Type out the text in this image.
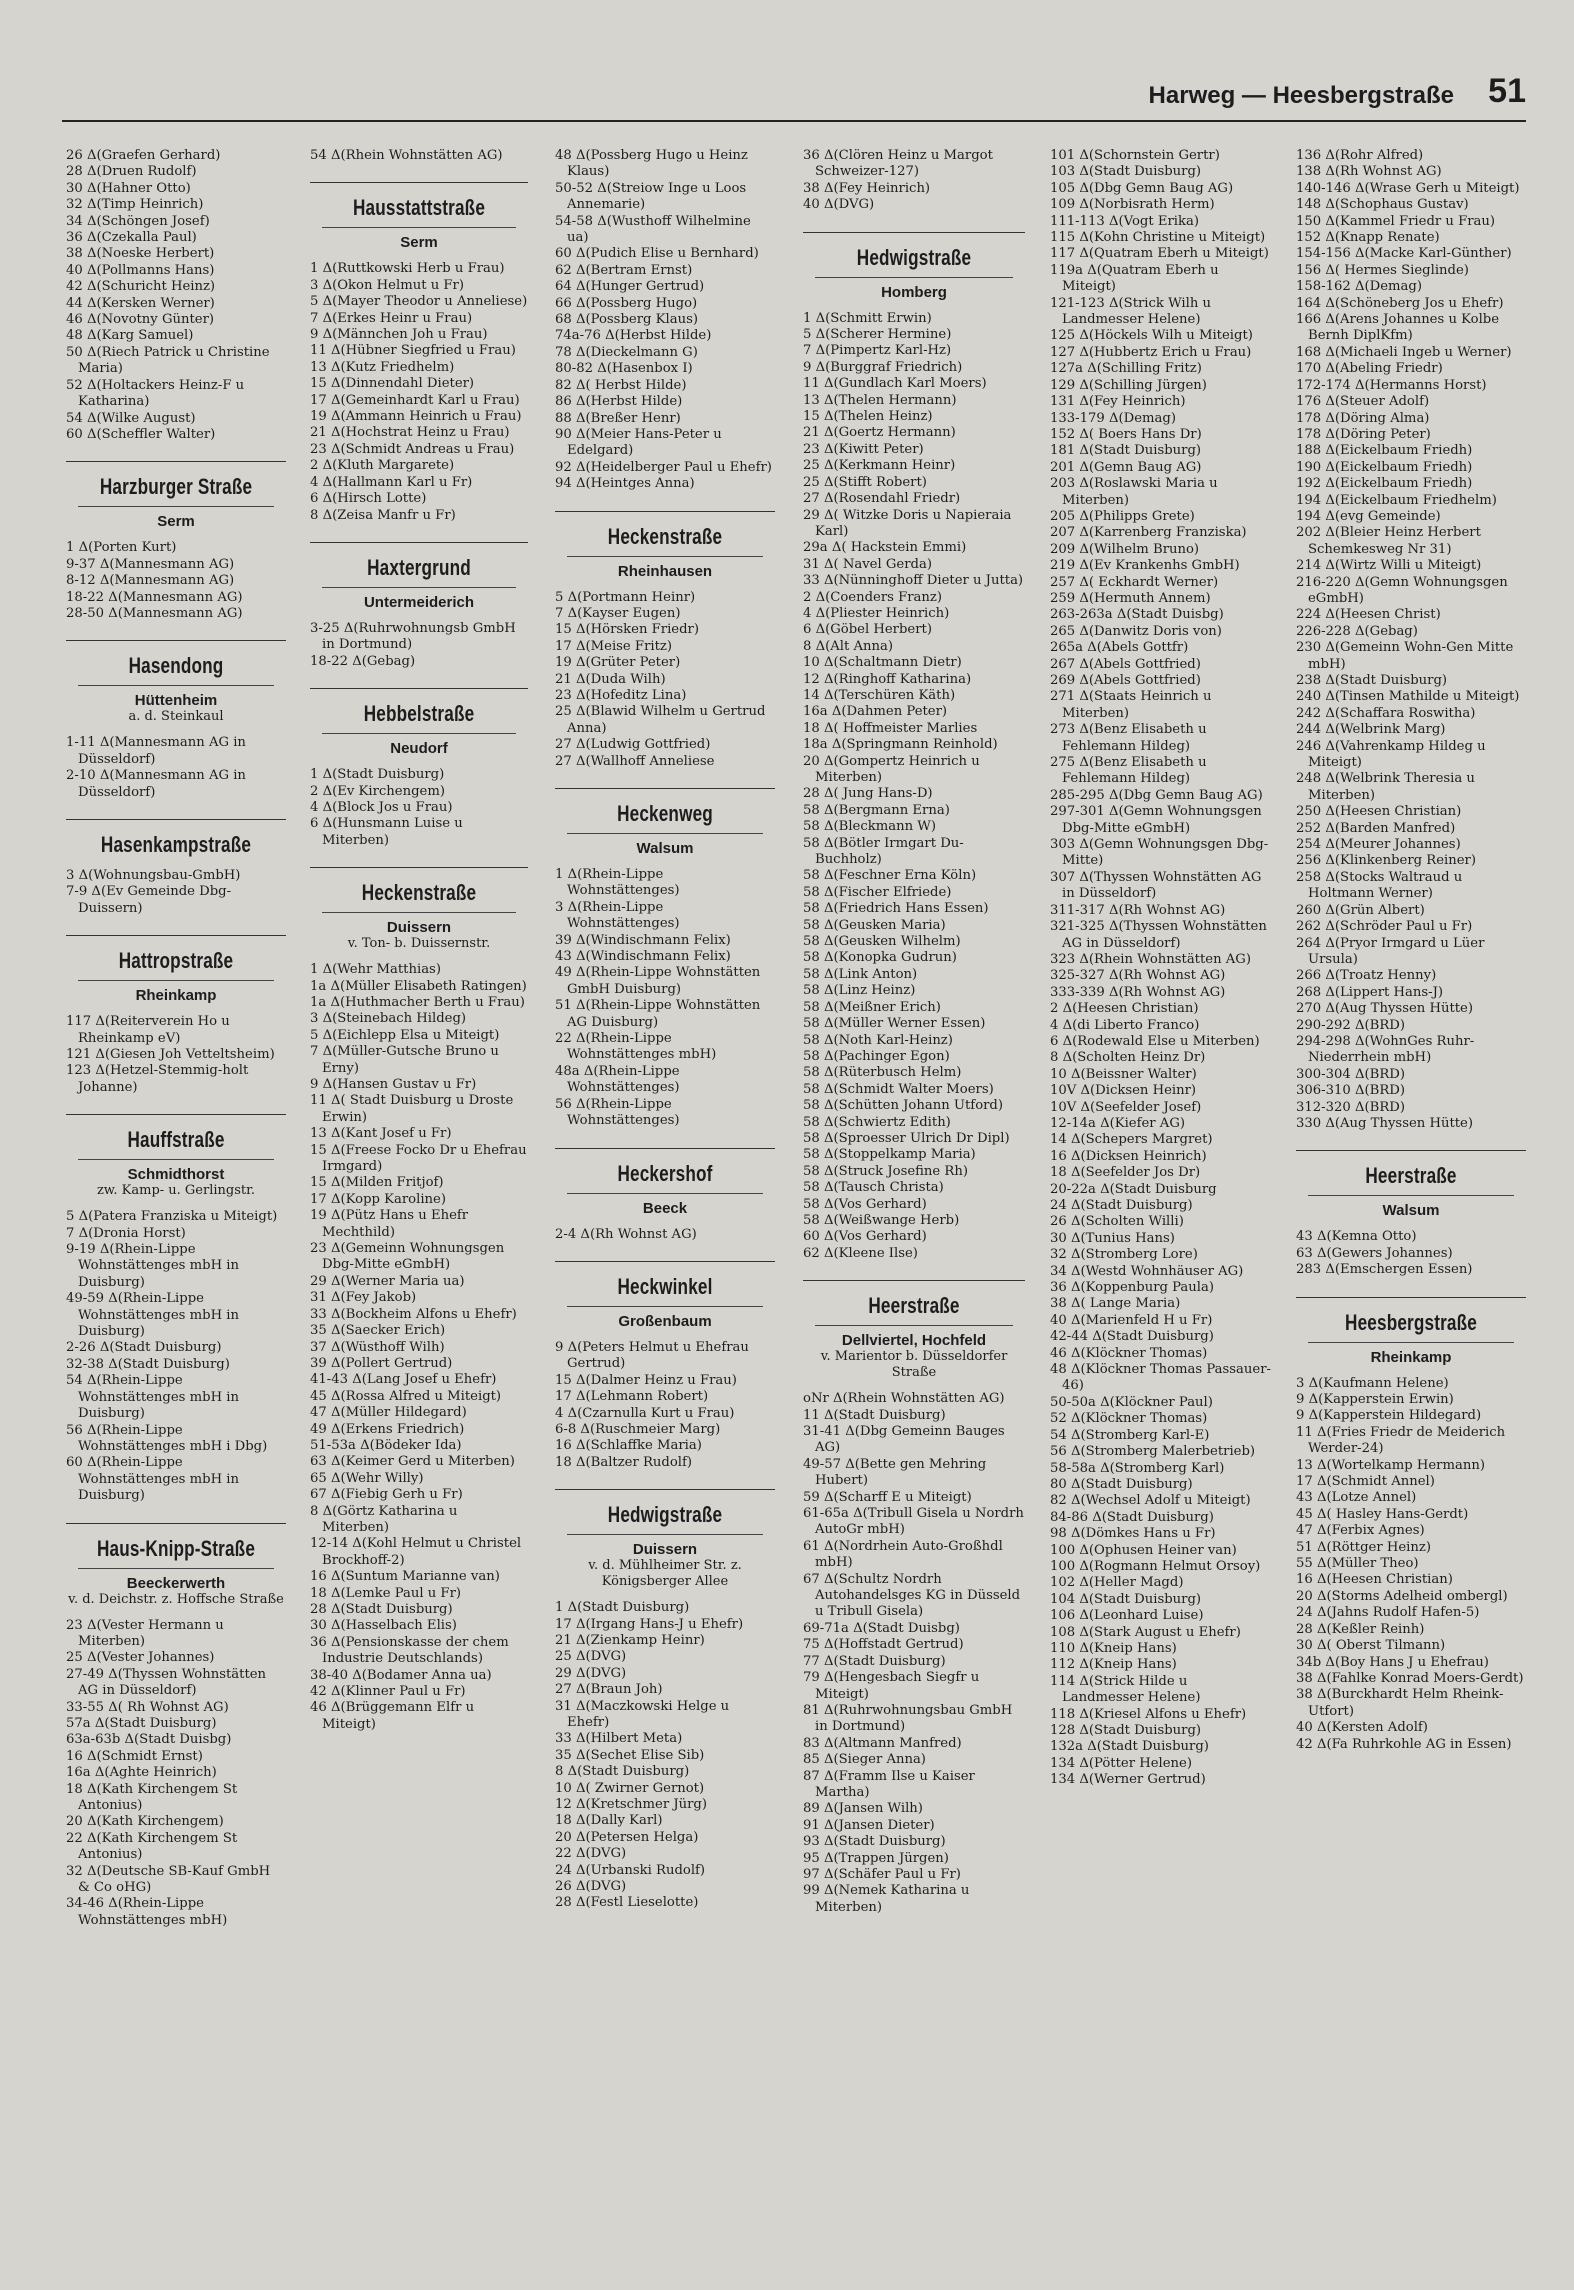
Harweg — Heesbergstraße 51

26 Δ(Graefen Gerhard)

28 Δ(Druen Rudolf)

30 Δ(Hahner Otto)

32 Δ(Timp Heinrich)

34 Δ(Schöngen Josef)

36 Δ(Czekalla Paul)

38 Δ(Noeske Herbert)

40 Δ(Pollmanns Hans)

42 Δ(Schuricht Heinz)

44 Δ(Kersken Werner)

46 Δ(Novotny Günter)

48 Δ(Karg Samuel)

50 Δ(Riech Patrick u Christine Maria)

52 Δ(Holtackers Heinz-F u Katharina)

54 Δ(Wilke August)

60 Δ(Scheffler Walter)

Harzburger Straße
Serm

1 Δ(Porten Kurt)

9-37 Δ(Mannesmann AG)

8-12 Δ(Mannesmann AG)

18-22 Δ(Mannesmann AG)

28-50 Δ(Mannesmann AG)

Hasendong
Hüttenheim
a. d. Steinkaul

1-11 Δ(Mannesmann AG in Düsseldorf)

2-10 Δ(Mannesmann AG in Düsseldorf)

Hasenkampstraße

3 Δ(Wohnungsbau-GmbH)

7-9 Δ(Ev Gemeinde Dbg-Duissern)

Hattropstraße
Rheinkamp

117 Δ(Reiterverein Ho u Rheinkamp eV)

121 Δ(Giesen Joh Vetteltsheim)

123 Δ(Hetzel-Stemmig-holt Johanne)

Hauffstraße
Schmidthorst
zw. Kamp- u. Gerlingstr.

5 Δ(Patera Franziska u Miteigt)

7 Δ(Dronia Horst)

9-19 Δ(Rhein-Lippe Wohnstättenges mbH in Duisburg)

49-59 Δ(Rhein-Lippe Wohnstättenges mbH in Duisburg)

2-26 Δ(Stadt Duisburg)

32-38 Δ(Stadt Duisburg)

54 Δ(Rhein-Lippe Wohnstättenges mbH in Duisburg)

56 Δ(Rhein-Lippe Wohnstättenges mbH i Dbg)

60 Δ(Rhein-Lippe Wohnstättenges mbH in Duisburg)

Haus-Knipp-Straße
Beeckerwerth
v. d. Deichstr. z. Hoffsche Straße

23 Δ(Vester Hermann u Miterben)

25 Δ(Vester Johannes)

27-49 Δ(Thyssen Wohnstätten AG in Düsseldorf)

33-55 Δ( Rh Wohnst AG)

57a Δ(Stadt Duisburg)

63a-63b Δ(Stadt Duisbg)

16 Δ(Schmidt Ernst)

16a Δ(Aghte Heinrich)

18 Δ(Kath Kirchengem St Antonius)

20 Δ(Kath Kirchengem)

22 Δ(Kath Kirchengem St Antonius)

32 Δ(Deutsche SB-Kauf GmbH & Co oHG)

34-46 Δ(Rhein-Lippe Wohnstättenges mbH)

54 Δ(Rhein Wohnstätten AG)

Hausstattstraße
Serm

1 Δ(Ruttkowski Herb u Frau)

3 Δ(Okon Helmut u Fr)

5 Δ(Mayer Theodor u Anneliese)

7 Δ(Erkes Heinr u Frau)

9 Δ(Männchen Joh u Frau)

11 Δ(Hübner Siegfried u Frau)

13 Δ(Kutz Friedhelm)

15 Δ(Dinnendahl Dieter)

17 Δ(Gemeinhardt Karl u Frau)

19 Δ(Ammann Heinrich u Frau)

21 Δ(Hochstrat Heinz u Frau)

23 Δ(Schmidt Andreas u Frau)

2 Δ(Kluth Margarete)

4 Δ(Hallmann Karl u Fr)

6 Δ(Hirsch Lotte)

8 Δ(Zeisa Manfr u Fr)

Haxtergrund
Untermeiderich

3-25 Δ(Ruhrwohnungsb GmbH in Dortmund)

18-22 Δ(Gebag)

Hebbelstraße
Neudorf

1 Δ(Stadt Duisburg)

2 Δ(Ev Kirchengem)

4 Δ(Block Jos u Frau)

6 Δ(Hunsmann Luise u Miterben)

Heckenstraße
Duissern
v. Ton- b. Duissernstr.

1 Δ(Wehr Matthias)

1a Δ(Müller Elisabeth Ratingen)

1a Δ(Huthmacher Berth u Frau)

3 Δ(Steinebach Hildeg)

5 Δ(Eichlepp Elsa u Miteigt)

7 Δ(Müller-Gutsche Bruno u Erny)

9 Δ(Hansen Gustav u Fr)

11 Δ( Stadt Duisburg u Droste Erwin)

13 Δ(Kant Josef u Fr)

15 Δ(Freese Focko Dr u Ehefrau Irmgard)

15 Δ(Milden Fritjof)

17 Δ(Kopp Karoline)

19 Δ(Pütz Hans u Ehefr Mechthild)

23 Δ(Gemeinn Wohnungsgen Dbg-Mitte eGmbH)

29 Δ(Werner Maria ua)

31 Δ(Fey Jakob)

33 Δ(Bockheim Alfons u Ehefr)

35 Δ(Saecker Erich)

37 Δ(Wüsthoff Wilh)

39 Δ(Pollert Gertrud)

41-43 Δ(Lang Josef u Ehefr)

45 Δ(Rossa Alfred u Miteigt)

47 Δ(Müller Hildegard)

49 Δ(Erkens Friedrich)

51-53a Δ(Bödeker Ida)

63 Δ(Keimer Gerd u Miterben)

65 Δ(Wehr Willy)

67 Δ(Fiebig Gerh u Fr)

8 Δ(Görtz Katharina u Miterben)

12-14 Δ(Kohl Helmut u Christel Brockhoff-2)

16 Δ(Suntum Marianne van)

18 Δ(Lemke Paul u Fr)

28 Δ(Stadt Duisburg)

30 Δ(Hasselbach Elis)

36 Δ(Pensionskasse der chem Industrie Deutschlands)

38-40 Δ(Bodamer Anna ua)

42 Δ(Klinner Paul u Fr)

46 Δ(Brüggemann Elfr u Miteigt)

48 Δ(Possberg Hugo u Heinz Klaus)

50-52 Δ(Streiow Inge u Loos Annemarie)

54-58 Δ(Wusthoff Wilhelmine ua)

60 Δ(Pudich Elise u Bernhard)

62 Δ(Bertram Ernst)

64 Δ(Hunger Gertrud)

66 Δ(Possberg Hugo)

68 Δ(Possberg Klaus)

74a-76 Δ(Herbst Hilde)

78 Δ(Dieckelmann G)

80-82 Δ(Hasenbox I)

82 Δ( Herbst Hilde)

86 Δ(Herbst Hilde)

88 Δ(Breßer Henr)

90 Δ(Meier Hans-Peter u Edelgard)

92 Δ(Heidelberger Paul u Ehefr)

94 Δ(Heintges Anna)

Heckenstraße
Rheinhausen

5 Δ(Portmann Heinr)

7 Δ(Kayser Eugen)

15 Δ(Hörsken Friedr)

17 Δ(Meise Fritz)

19 Δ(Grüter Peter)

21 Δ(Duda Wilh)

23 Δ(Hofeditz Lina)

25 Δ(Blawid Wilhelm u Gertrud Anna)

27 Δ(Ludwig Gottfried)

27 Δ(Wallhoff Anneliese

Heckenweg
Walsum

1 Δ(Rhein-Lippe Wohnstättenges)

3 Δ(Rhein-Lippe Wohnstättenges)

39 Δ(Windischmann Felix)

43 Δ(Windischmann Felix)

49 Δ(Rhein-Lippe Wohnstätten GmbH Duisburg)

51 Δ(Rhein-Lippe Wohnstätten AG Duisburg)

22 Δ(Rhein-Lippe Wohnstättenges mbH)

48a Δ(Rhein-Lippe Wohnstättenges)

56 Δ(Rhein-Lippe Wohnstättenges)

Heckershof
Beeck

2-4 Δ(Rh Wohnst AG)

Heckwinkel
Großenbaum

9 Δ(Peters Helmut u Ehefrau Gertrud)

15 Δ(Dalmer Heinz u Frau)

17 Δ(Lehmann Robert)

4 Δ(Czarnulla Kurt u Frau)

6-8 Δ(Ruschmeier Marg)

16 Δ(Schlaffke Maria)

18 Δ(Baltzer Rudolf)

Hedwigstraße
Duissern
v. d. Mühlheimer Str. z. Königsberger Allee

1 Δ(Stadt Duisburg)

17 Δ(Irgang Hans-J u Ehefr)

21 Δ(Zienkamp Heinr)

25 Δ(DVG)

29 Δ(DVG)

27 Δ(Braun Joh)

31 Δ(Maczkowski Helge u Ehefr)

33 Δ(Hilbert Meta)

35 Δ(Sechet Elise Sib)

8 Δ(Stadt Duisburg)

10 Δ( Zwirner Gernot)

12 Δ(Kretschmer Jürg)

18 Δ(Dally Karl)

20 Δ(Petersen Helga)

22 Δ(DVG)

24 Δ(Urbanski Rudolf)

26 Δ(DVG)

28 Δ(Festl Lieselotte)

36 Δ(Clören Heinz u Margot Schweizer-127)

38 Δ(Fey Heinrich)

40 Δ(DVG)

Hedwigstraße
Homberg

1 Δ(Schmitt Erwin)

5 Δ(Scherer Hermine)

7 Δ(Pimpertz Karl-Hz)

9 Δ(Burggraf Friedrich)

11 Δ(Gundlach Karl Moers)

13 Δ(Thelen Hermann)

15 Δ(Thelen Heinz)

21 Δ(Goertz Hermann)

23 Δ(Kiwitt Peter)

25 Δ(Kerkmann Heinr)

25 Δ(Stifft Robert)

27 Δ(Rosendahl Friedr)

29 Δ( Witzke Doris u Napieraia Karl)

29a Δ( Hackstein Emmi)

31 Δ( Navel Gerda)

33 Δ(Nünninghoff Dieter u Jutta)

2 Δ(Coenders Franz)

4 Δ(Pliester Heinrich)

6 Δ(Göbel Herbert)

8 Δ(Alt Anna)

10 Δ(Schaltmann Dietr)

12 Δ(Ringhoff Katharina)

14 Δ(Terschüren Käth)

16a Δ(Dahmen Peter)

18 Δ( Hoffmeister Marlies

18a Δ(Springmann Reinhold)

20 Δ(Gompertz Heinrich u Miterben)

28 Δ( Jung Hans-D)

58 Δ(Bergmann Erna)

58 Δ(Bleckmann W)

58 Δ(Bötler Irmgart Du-Buchholz)

58 Δ(Feschner Erna Köln)

58 Δ(Fischer Elfriede)

58 Δ(Friedrich Hans Essen)

58 Δ(Geusken Maria)

58 Δ(Geusken Wilhelm)

58 Δ(Konopka Gudrun)

58 Δ(Link Anton)

58 Δ(Linz Heinz)

58 Δ(Meißner Erich)

58 Δ(Müller Werner Essen)

58 Δ(Noth Karl-Heinz)

58 Δ(Pachinger Egon)

58 Δ(Rüterbusch Helm)

58 Δ(Schmidt Walter Moers)

58 Δ(Schütten Johann Utford)

58 Δ(Schwiertz Edith)

58 Δ(Sproesser Ulrich Dr Dipl)

58 Δ(Stoppelkamp Maria)

58 Δ(Struck Josefine Rh)

58 Δ(Tausch Christa)

58 Δ(Vos Gerhard)

58 Δ(Weißwange Herb)

60 Δ(Vos Gerhard)

62 Δ(Kleene Ilse)

Heerstraße
Dellviertel, Hochfeld
v. Marientor b. Düsseldorfer Straße

oNr Δ(Rhein Wohnstätten AG)

11 Δ(Stadt Duisburg)

31-41 Δ(Dbg Gemeinn Bauges AG)

49-57 Δ(Bette gen Mehring Hubert)

59 Δ(Scharff E u Miteigt)

61-65a Δ(Tribull Gisela u Nordrh AutoGr mbH)

61 Δ(Nordrhein Auto-Großhdl mbH)

67 Δ(Schultz Nordrh Autohandelsges KG in Düsseld u Tribull Gisela)

69-71a Δ(Stadt Duisbg)

75 Δ(Hoffstadt Gertrud)

77 Δ(Stadt Duisburg)

79 Δ(Hengesbach Siegfr u Miteigt)

81 Δ(Ruhrwohnungsbau GmbH in Dortmund)

83 Δ(Altmann Manfred)

85 Δ(Sieger Anna)

87 Δ(Framm Ilse u Kaiser Martha)

89 Δ(Jansen Wilh)

91 Δ(Jansen Dieter)

93 Δ(Stadt Duisburg)

95 Δ(Trappen Jürgen)

97 Δ(Schäfer Paul u Fr)

99 Δ(Nemek Katharina u Miterben)

101 Δ(Schornstein Gertr)

103 Δ(Stadt Duisburg)

105 Δ(Dbg Gemn Baug AG)

109 Δ(Norbisrath Herm)

111-113 Δ(Vogt Erika)

115 Δ(Kohn Christine u Miteigt)

117 Δ(Quatram Eberh u Miteigt)

119a Δ(Quatram Eberh u Miteigt)

121-123 Δ(Strick Wilh u Landmesser Helene)

125 Δ(Höckels Wilh u Miteigt)

127 Δ(Hubbertz Erich u Frau)

127a Δ(Schilling Fritz)

129 Δ(Schilling Jürgen)

131 Δ(Fey Heinrich)

133-179 Δ(Demag)

152 Δ( Boers Hans Dr)

181 Δ(Stadt Duisburg)

201 Δ(Gemn Baug AG)

203 Δ(Roslawski Maria u Miterben)

205 Δ(Philipps Grete)

207 Δ(Karrenberg Franziska)

209 Δ(Wilhelm Bruno)

219 Δ(Ev Krankenhs GmbH)

257 Δ( Eckhardt Werner)

259 Δ(Hermuth Annem)

263-263a Δ(Stadt Duisbg)

265 Δ(Danwitz Doris von)

265a Δ(Abels Gottfr)

267 Δ(Abels Gottfried)

269 Δ(Abels Gottfried)

271 Δ(Staats Heinrich u Miterben)

273 Δ(Benz Elisabeth u Fehlemann Hildeg)

275 Δ(Benz Elisabeth u Fehlemann Hildeg)

285-295 Δ(Dbg Gemn Baug AG)

297-301 Δ(Gemn Wohnungsgen Dbg-Mitte eGmbH)

303 Δ(Gemn Wohnungsgen Dbg-Mitte)

307 Δ(Thyssen Wohnstätten AG in Düsseldorf)

311-317 Δ(Rh Wohnst AG)

321-325 Δ(Thyssen Wohnstätten AG in Düsseldorf)

323 Δ(Rhein Wohnstätten AG)

325-327 Δ(Rh Wohnst AG)

333-339 Δ(Rh Wohnst AG)

2 Δ(Heesen Christian)

4 Δ(di Liberto Franco)

6 Δ(Rodewald Else u Miterben)

8 Δ(Scholten Heinz Dr)

10 Δ(Beissner Walter)

10V Δ(Dicksen Heinr)

10V Δ(Seefelder Josef)

12-14a Δ(Kiefer AG)

14 Δ(Schepers Margret)

16 Δ(Dicksen Heinrich)

18 Δ(Seefelder Jos Dr)

20-22a Δ(Stadt Duisburg

24 Δ(Stadt Duisburg)

26 Δ(Scholten Willi)

30 Δ(Tunius Hans)

32 Δ(Stromberg Lore)

34 Δ(Westd Wohnhäuser AG)

36 Δ(Koppenburg Paula)

38 Δ( Lange Maria)

40 Δ(Marienfeld H u Fr)

42-44 Δ(Stadt Duisburg)

46 Δ(Klöckner Thomas)

48 Δ(Klöckner Thomas Passauer-46)

50-50a Δ(Klöckner Paul)

52 Δ(Klöckner Thomas)

54 Δ(Stromberg Karl-E)

56 Δ(Stromberg Malerbetrieb)

58-58a Δ(Stromberg Karl)

80 Δ(Stadt Duisburg)

82 Δ(Wechsel Adolf u Miteigt)

84-86 Δ(Stadt Duisburg)

98 Δ(Dömkes Hans u Fr)

100 Δ(Ophusen Heiner van)

100 Δ(Rogmann Helmut Orsoy)

102 Δ(Heller Magd)

104 Δ(Stadt Duisburg)

106 Δ(Leonhard Luise)

108 Δ(Stark August u Ehefr)

110 Δ(Kneip Hans)

112 Δ(Kneip Hans)

114 Δ(Strick Hilde u Landmesser Helene)

118 Δ(Kriesel Alfons u Ehefr)

128 Δ(Stadt Duisburg)

132a Δ(Stadt Duisburg)

134 Δ(Pötter Helene)

134 Δ(Werner Gertrud)

136 Δ(Rohr Alfred)

138 Δ(Rh Wohnst AG)

140-146 Δ(Wrase Gerh u Miteigt)

148 Δ(Schophaus Gustav)

150 Δ(Kammel Friedr u Frau)

152 Δ(Knapp Renate)

154-156 Δ(Macke Karl-Günther)

156 Δ( Hermes Sieglinde)

158-162 Δ(Demag)

164 Δ(Schöneberg Jos u Ehefr)

166 Δ(Arens Johannes u Kolbe Bernh DiplKfm)

168 Δ(Michaeli Ingeb u Werner)

170 Δ(Abeling Friedr)

172-174 Δ(Hermanns Horst)

176 Δ(Steuer Adolf)

178 Δ(Döring Alma)

178 Δ(Döring Peter)

188 Δ(Eickelbaum Friedh)

190 Δ(Eickelbaum Friedh)

192 Δ(Eickelbaum Friedh)

194 Δ(Eickelbaum Friedhelm)

194 Δ(evg Gemeinde)

202 Δ(Bleier Heinz Herbert Schemkesweg Nr 31)

214 Δ(Wirtz Willi u Miteigt)

216-220 Δ(Gemn Wohnungsgen eGmbH)

224 Δ(Heesen Christ)

226-228 Δ(Gebag)

230 Δ(Gemeinn Wohn-Gen Mitte mbH)

238 Δ(Stadt Duisburg)

240 Δ(Tinsen Mathilde u Miteigt)

242 Δ(Schaffara Roswitha)

244 Δ(Welbrink Marg)

246 Δ(Vahrenkamp Hildeg u Miteigt)

248 Δ(Welbrink Theresia u Miterben)

250 Δ(Heesen Christian)

252 Δ(Barden Manfred)

254 Δ(Meurer Johannes)

256 Δ(Klinkenberg Reiner)

258 Δ(Stocks Waltraud u Holtmann Werner)

260 Δ(Grün Albert)

262 Δ(Schröder Paul u Fr)

264 Δ(Pryor Irmgard u Lüer Ursula)

266 Δ(Troatz Henny)

268 Δ(Lippert Hans-J)

270 Δ(Aug Thyssen Hütte)

290-292 Δ(BRD)

294-298 Δ(WohnGes Ruhr-Niederrhein mbH)

300-304 Δ(BRD)

306-310 Δ(BRD)

312-320 Δ(BRD)

330 Δ(Aug Thyssen Hütte)

Heerstraße
Walsum

43 Δ(Kemna Otto)

63 Δ(Gewers Johannes)

283 Δ(Emschergen Essen)

Heesbergstraße
Rheinkamp

3 Δ(Kaufmann Helene)

9 Δ(Kapperstein Erwin)

9 Δ(Kapperstein Hildegard)

11 Δ(Fries Friedr de Meiderich Werder-24)

13 Δ(Wortelkamp Hermann)

17 Δ(Schmidt Annel)

43 Δ(Lotze Annel)

45 Δ( Hasley Hans-Gerdt)

47 Δ(Ferbix Agnes)

51 Δ(Röttger Heinz)

55 Δ(Müller Theo)

16 Δ(Heesen Christian)

20 Δ(Storms Adelheid ombergl)

24 Δ(Jahns Rudolf Hafen-5)

28 Δ(Keßler Reinh)

30 Δ( Oberst Tilmann)

34b Δ(Boy Hans J u Ehefrau)

38 Δ(Fahlke Konrad Moers-Gerdt)

38 Δ(Burckhardt Helm Rheink-Utfort)

40 Δ(Kersten Adolf)

42 Δ(Fa Ruhrkohle AG in Essen)
